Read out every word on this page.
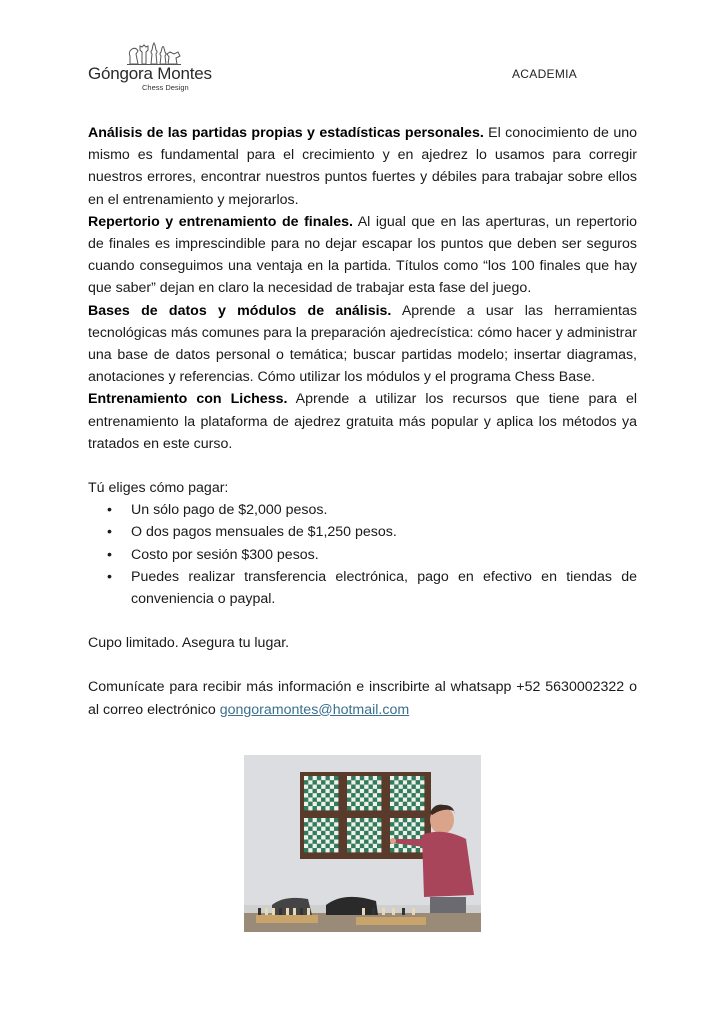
Góngora Montes
Chess Design
ACADEMIA

Análisis de las partidas propias y estadísticas personales. El conocimiento de uno mismo es fundamental para el crecimiento y en ajedrez lo usamos para corregir nuestros errores, encontrar nuestros puntos fuertes y débiles para trabajar sobre ellos en el entrenamiento y mejorarlos.

Repertorio y entrenamiento de finales. Al igual que en las aperturas, un repertorio de finales es imprescindible para no dejar escapar los puntos que deben ser seguros cuando conseguimos una ventaja en la partida. Títulos como “los 100 finales que hay que saber” dejan en claro la necesidad de trabajar esta fase del juego.

Bases de datos y módulos de análisis. Aprende a usar las herramientas tecnológicas más comunes para la preparación ajedrecística: cómo hacer y administrar una base de datos personal o temática; buscar partidas modelo; insertar diagramas, anotaciones y referencias. Cómo utilizar los módulos y el programa Chess Base.

Entrenamiento con Lichess. Aprende a utilizar los recursos que tiene para el entrenamiento la plataforma de ajedrez gratuita más popular y aplica los métodos ya tratados en este curso.

Tú eliges cómo pagar:

• Un sólo pago de $2,000 pesos.
• O dos pagos mensuales de $1,250 pesos.
• Costo por sesión $300 pesos.
• Puedes realizar transferencia electrónica, pago en efectivo en tiendas de conveniencia o paypal.

Cupo limitado. Asegura tu lugar.

Comunícate para recibir más información e inscribirte al whatsapp +52 5630002322 o al correo electrónico gongoramontes@hotmail.com
